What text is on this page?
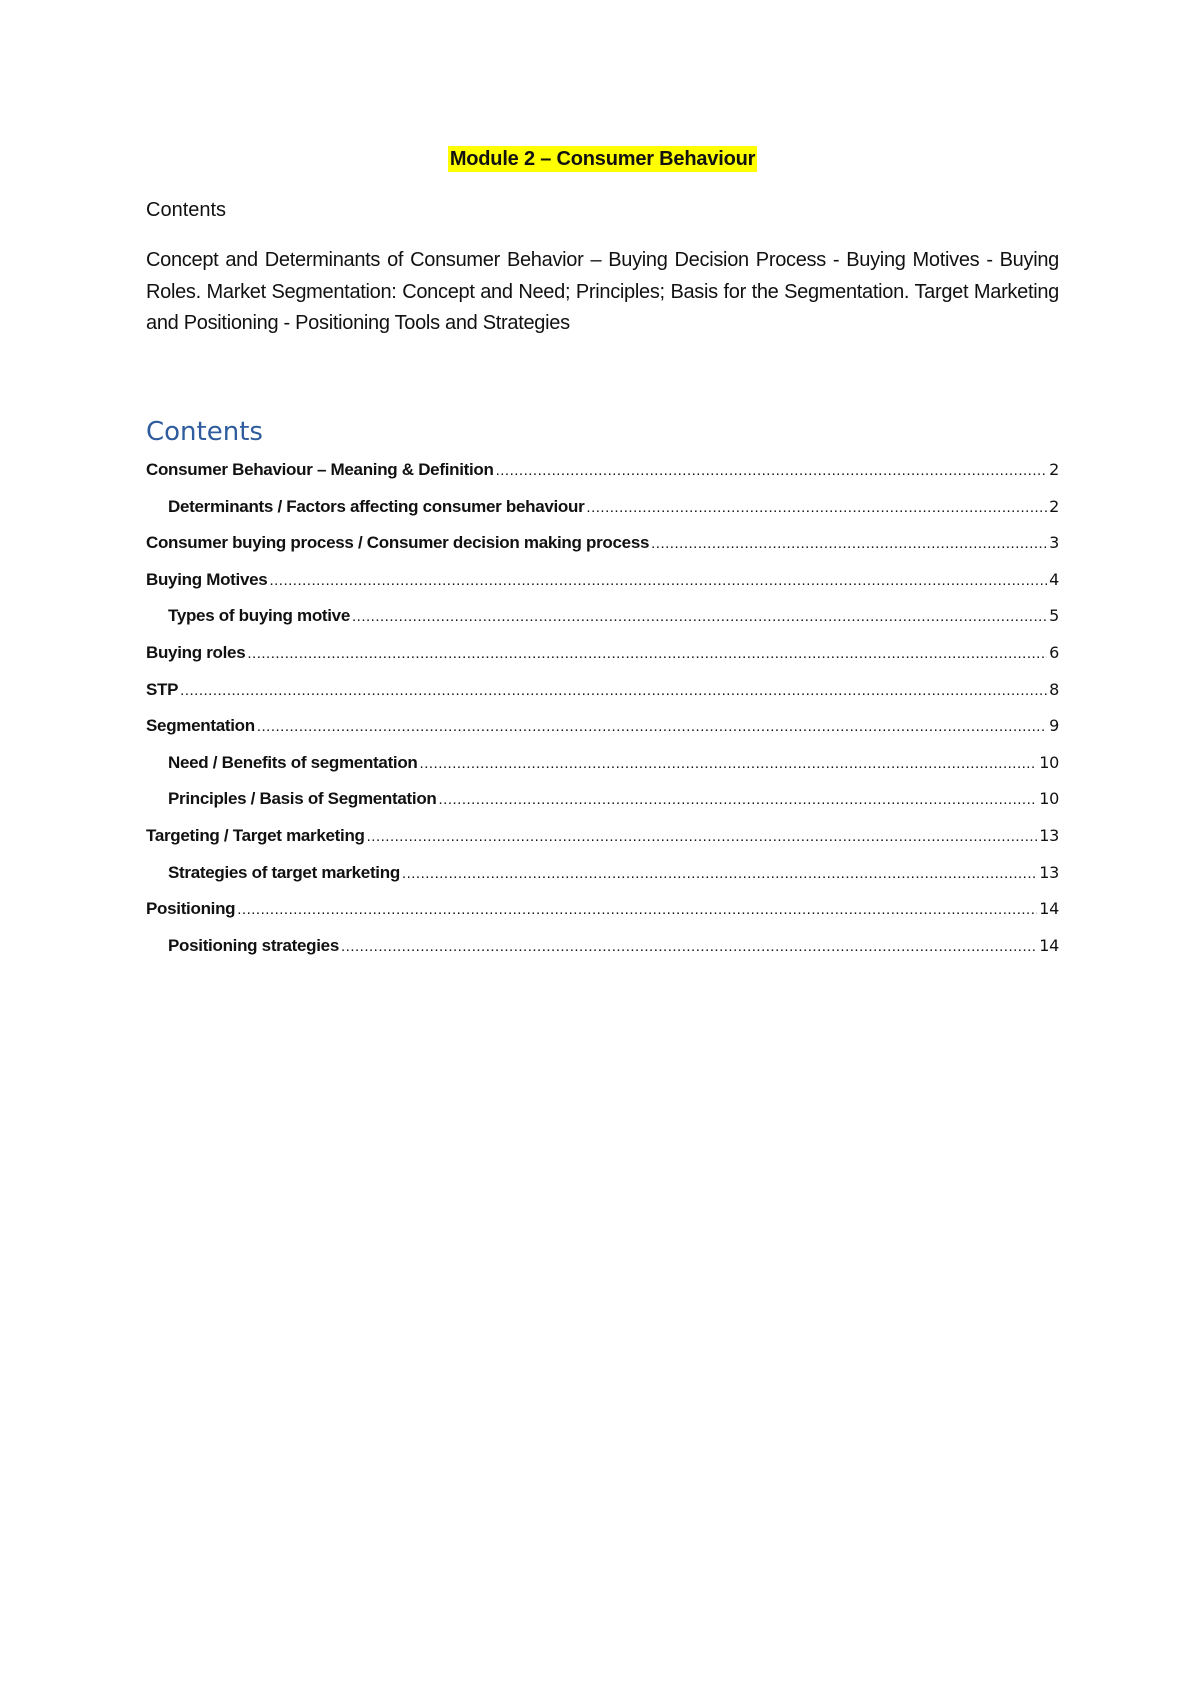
Module 2 – Consumer Behaviour
Contents
Concept and Determinants of Consumer Behavior – Buying Decision Process - Buying Motives - Buying Roles. Market Segmentation: Concept and Need; Principles; Basis for the Segmentation. Target Marketing and Positioning - Positioning Tools and Strategies
Contents
Consumer Behaviour – Meaning & Definition .....	2
Determinants / Factors affecting consumer behaviour .....	2
Consumer buying process / Consumer decision making process .....	3
Buying Motives .....	4
Types of buying motive .....	5
Buying roles .....	6
STP .....	8
Segmentation .....	9
Need / Benefits of segmentation .....	10
Principles / Basis of Segmentation .....	10
Targeting / Target marketing .....	13
Strategies of target marketing .....	13
Positioning .....	14
Positioning strategies .....	14
